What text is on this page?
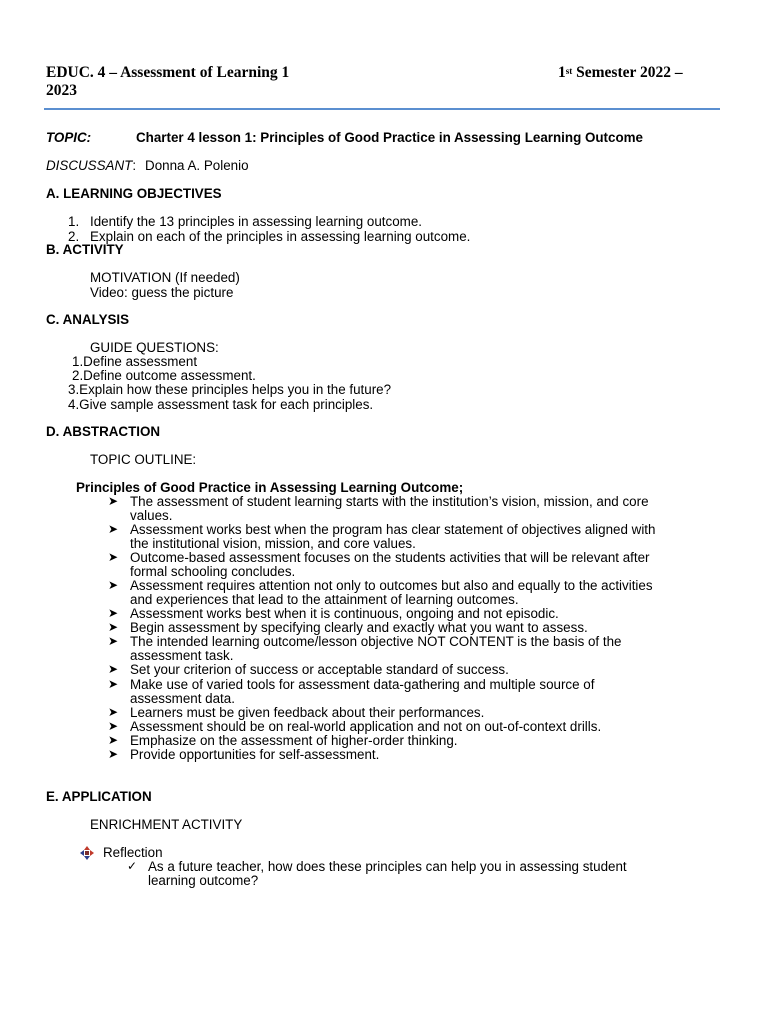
EDUC. 4 – Assessment of Learning 1	1st Semester 2022 –
2023
TOPIC:	Charter 4 lesson 1: Principles of Good Practice in Assessing Learning Outcome
DISCUSSANT: Donna A. Polenio
A. LEARNING OBJECTIVES
1. Identify the 13 principles in assessing learning outcome.
2. Explain on each of the principles in assessing learning outcome.
B. ACTIVITY
MOTIVATION (If needed)
Video: guess the picture
C. ANALYSIS
GUIDE QUESTIONS:
1.Define assessment
2.Define outcome assessment.
3.Explain how these principles helps you in the future?
4.Give sample assessment task for each principles.
D. ABSTRACTION
TOPIC OUTLINE:
Principles of Good Practice in Assessing Learning Outcome;
➤ The assessment of student learning starts with the institution’s vision, mission, and core
values.
➤ Assessment works best when the program has clear statement of objectives aligned with
the institutional vision, mission, and core values.
➤ Outcome-based assessment focuses on the students activities that will be relevant after
formal schooling concludes.
➤ Assessment requires attention not only to outcomes but also and equally to the activities
and experiences that lead to the attainment of learning outcomes.
➤ Assessment works best when it is continuous, ongoing and not episodic.
➤ Begin assessment by specifying clearly and exactly what you want to assess.
➤ The intended learning outcome/lesson objective NOT CONTENT is the basis of the
assessment task.
➤ Set your criterion of success or acceptable standard of success.
➤ Make use of varied tools for assessment data-gathering and multiple source of
assessment data.
➤ Learners must be given feedback about their performances.
➤ Assessment should be on real-world application and not on out-of-context drills.
➤ Emphasize on the assessment of higher-order thinking.
➤ Provide opportunities for self-assessment.
E. APPLICATION
ENRICHMENT ACTIVITY
Reflection
✓ As a future teacher, how does these principles can help you in assessing student
learning outcome?
